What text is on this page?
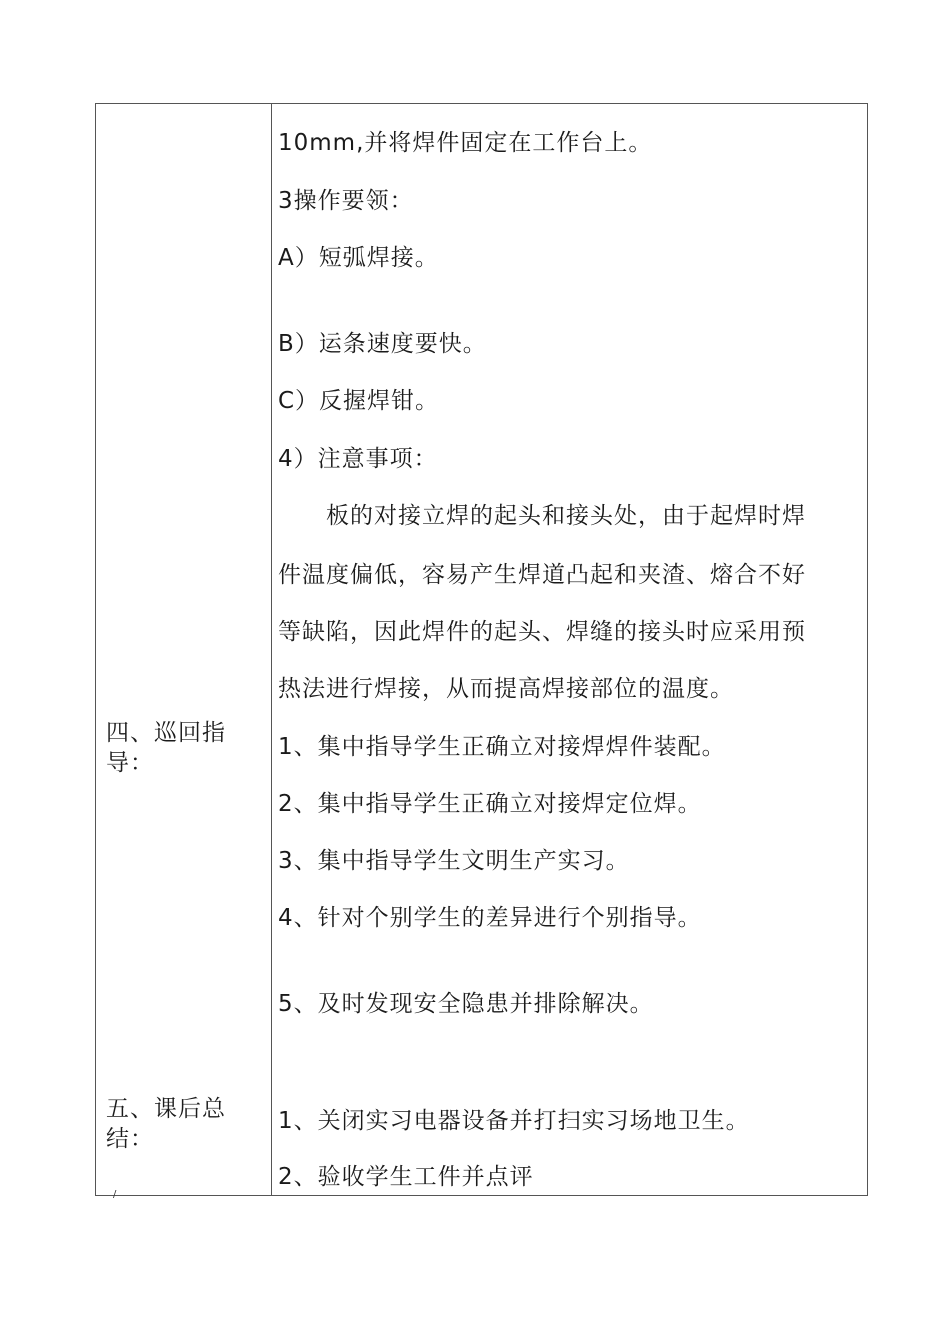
四、巡回指导：
五、课后总结：
/
10mm,并将焊件固定在工作台上。
3操作要领：
A）短弧焊接。
B）运条速度要快。
C）反握焊钳。
4）注意事项：
　　板的对接立焊的起头和接头处，由于起焊时焊
件温度偏低，容易产生焊道凸起和夹渣、熔合不好
等缺陷，因此焊件的起头、焊缝的接头时应采用预
热法进行焊接，从而提高焊接部位的温度。
1、集中指导学生正确立对接焊焊件装配。
2、集中指导学生正确立对接焊定位焊。
3、集中指导学生文明生产实习。
4、针对个别学生的差异进行个别指导。
5、及时发现安全隐患并排除解决。
1、关闭实习电器设备并打扫实习场地卫生。
2、验收学生工件并点评
